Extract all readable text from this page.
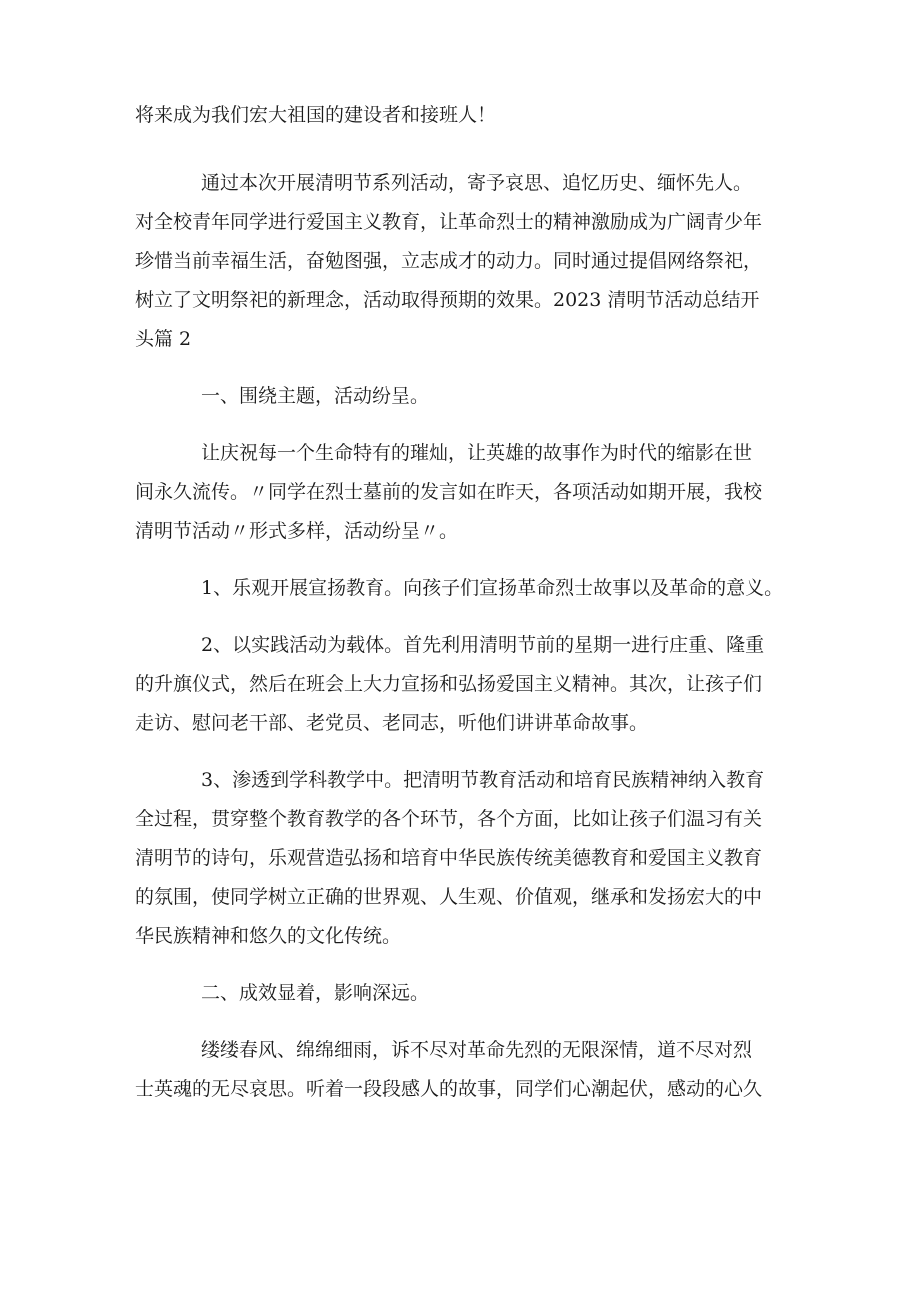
将来成为我们宏大祖国的建设者和接班人！
通过本次开展清明节系列活动，寄予哀思、追忆历史、缅怀先人。
对全校青年同学进行爱国主义教育，让革命烈士的精神激励成为广阔青少年
珍惜当前幸福生活，奋勉图强，立志成才的动力。同时通过提倡网络祭祀，
树立了文明祭祀的新理念，活动取得预期的效果。2023 清明节活动总结开
头篇 2
一、围绕主题，活动纷呈。
让庆祝每一个生命特有的璀灿，让英雄的故事作为时代的缩影在世
间永久流传。〃同学在烈士墓前的发言如在昨天，各项活动如期开展，我校
清明节活动〃形式多样，活动纷呈〃。
1、乐观开展宣扬教育。向孩子们宣扬革命烈士故事以及革命的意义。
2、以实践活动为载体。首先利用清明节前的星期一进行庄重、隆重
的升旗仪式，然后在班会上大力宣扬和弘扬爱国主义精神。其次，让孩子们
走访、慰问老干部、老党员、老同志，听他们讲讲革命故事。
3、渗透到学科教学中。把清明节教育活动和培育民族精神纳入教育
全过程，贯穿整个教育教学的各个环节，各个方面，比如让孩子们温习有关
清明节的诗句，乐观营造弘扬和培育中华民族传统美德教育和爱国主义教育
的氛围，使同学树立正确的世界观、人生观、价值观，继承和发扬宏大的中
华民族精神和悠久的文化传统。
二、成效显着，影响深远。
缕缕春风、绵绵细雨，诉不尽对革命先烈的无限深情，道不尽对烈
士英魂的无尽哀思。听着一段段感人的故事，同学们心潮起伏，感动的心久
